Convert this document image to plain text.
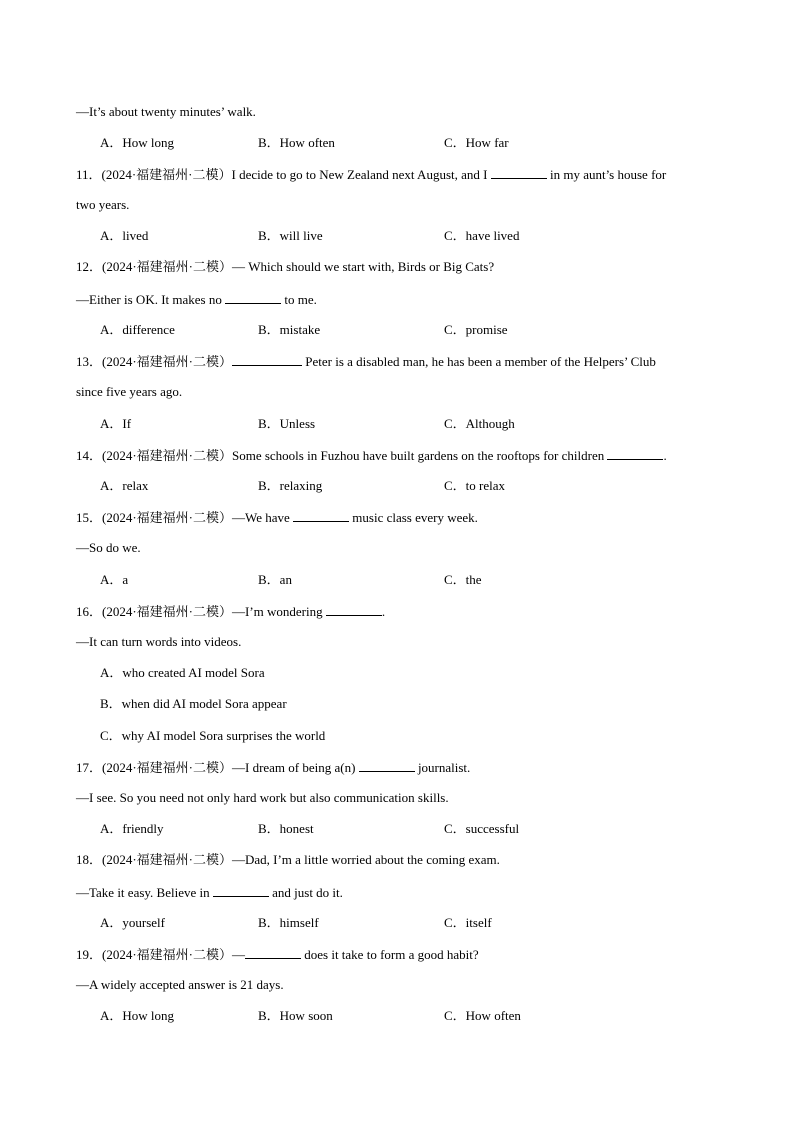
—It’s about twenty minutes’ walk.
A．How long	B．How often	C．How far
11．(2024·福建福州·二模）I decide to go to New Zealand next August, and I	in my aunt’s house for
two years.
A．lived	B．will live	C．have lived
12．(2024·福建福州·二模）— Which should we start with, Birds or Big Cats?
—Either is OK. It makes no	to me.
A．difference	B．mistake	C．promise
13．(2024·福建福州·二模）	Peter is a disabled man, he has been a member of the Helpers’ Club
since five years ago.
A．If	B．Unless	C．Although
14．(2024·福建福州·二模）Some schools in Fuzhou have built gardens on the rooftops for children	.
A．relax	B．relaxing	C．to relax
15．(2024·福建福州·二模）—We have	music class every week.
—So do we.
A．a	B．an	C．the
16．(2024·福建福州·二模）—I’m wondering	.
—It can turn words into videos.
A．who created AI model Sora
B．when did AI model Sora appear
C．why AI model Sora surprises the world
17．(2024·福建福州·二模）—I dream of being a(n)	journalist.
—I see. So you need not only hard work but also communication skills.
A．friendly	B．honest	C．successful
18．(2024·福建福州·二模）—Dad, I’m a little worried about the coming exam.
—Take it easy. Believe in	and just do it.
A．yourself	B．himself	C．itself
19．(2024·福建福州·二模）—	does it take to form a good habit?
—A widely accepted answer is 21 days.
A．How long	B．How soon	C．How often
